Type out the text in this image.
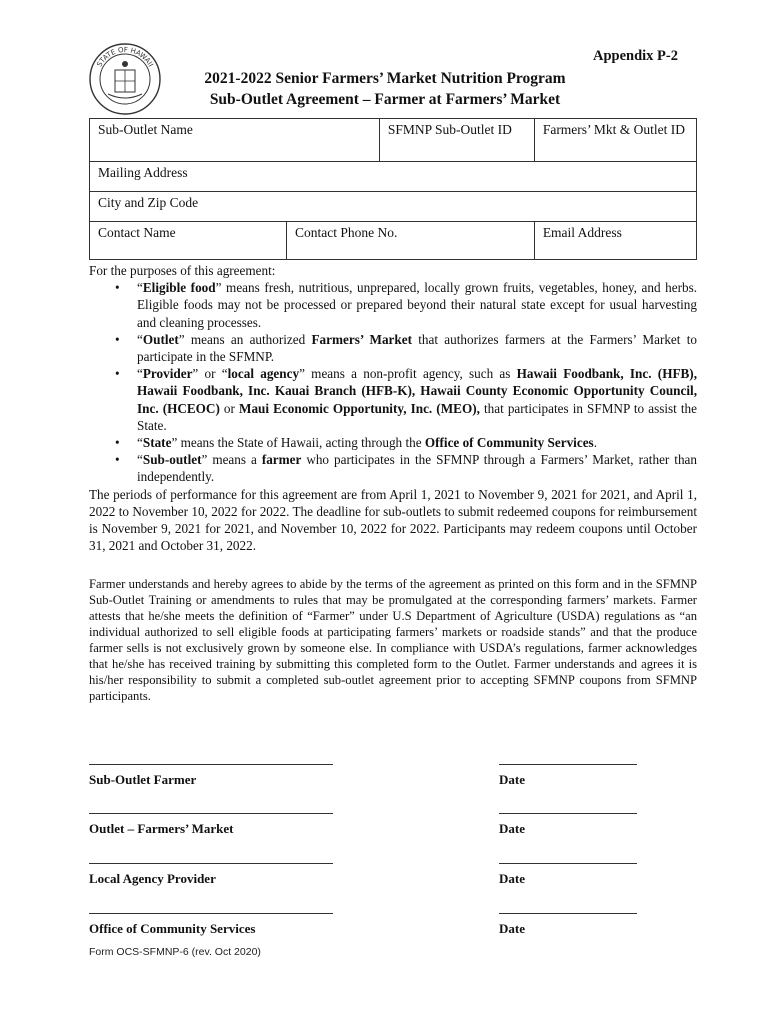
STATE OF HAWAII
Appendix P-2
2021-2022 Senior Farmers’ Market Nutrition Program
Sub-Outlet Agreement – Farmer at Farmers’ Market
Sub-Outlet Name		SFMNP Sub-Outlet ID	Farmers’ Mkt & Outlet ID
Mailing Address			
City and Zip Code			
Contact Name	Contact Phone No.		Email Address

For the purposes of this agreement:

• “Eligible food” means fresh, nutritious, unprepared, locally grown fruits, vegetables, honey, and herbs. Eligible foods may not be processed or prepared beyond their natural state except for usual harvesting and cleaning processes.
• “Outlet” means an authorized Farmers’ Market that authorizes farmers at the Farmers’ Market to participate in the SFMNP.
• “Provider” or “local agency” means a non-profit agency, such as Hawaii Foodbank, Inc. (HFB), Hawaii Foodbank, Inc. Kauai Branch (HFB-K), Hawaii County Economic Opportunity Council, Inc. (HCEOC) or Maui Economic Opportunity, Inc. (MEO), that participates in SFMNP to assist the State.
• “State” means the State of Hawaii, acting through the Office of Community Services.
• “Sub-outlet” means a farmer who participates in the SFMNP through a Farmers’ Market, rather than independently.

The periods of performance for this agreement are from April 1, 2021 to November 9, 2021 for 2021, and April 1, 2022 to November 10, 2022 for 2022. The deadline for sub-outlets to submit redeemed coupons for reimbursement is November 9, 2021 for 2021, and November 10, 2022 for 2022. Participants may redeem coupons until October 31, 2021 and October 31, 2022.

Farmer understands and hereby agrees to abide by the terms of the agreement as printed on this form and in the SFMNP Sub-Outlet Training or amendments to rules that may be promulgated at the corresponding farmers’ markets. Farmer attests that he/she meets the definition of “Farmer” under U.S Department of Agriculture (USDA) regulations as “an individual authorized to sell eligible foods at participating farmers’ markets or roadside stands” and that the produce farmer sells is not exclusively grown by someone else. In compliance with USDA’s regulations, farmer acknowledges that he/she has received training by submitting this completed form to the Outlet. Farmer understands and agrees it is his/her responsibility to submit a completed sub-outlet agreement prior to accepting SFMNP coupons from SFMNP participants.

Sub-Outlet Farmer	Date
Outlet – Farmers’ Market	Date
Local Agency Provider	Date
Office of Community Services	Date
Form OCS-SFMNP-6 (rev. Oct 2020)
